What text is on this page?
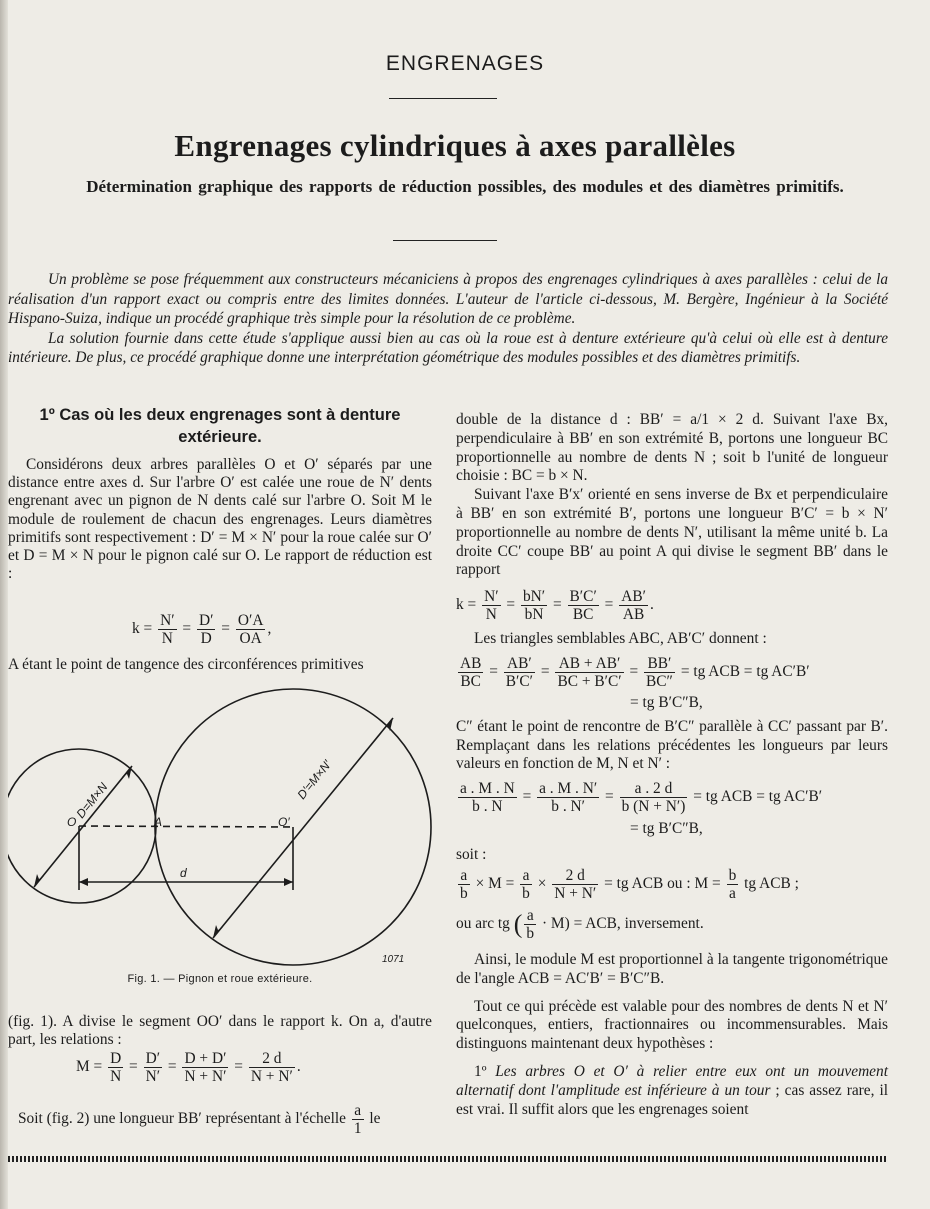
ENGRENAGES
Engrenages cylindriques à axes parallèles
Détermination graphique des rapports de réduction possibles, des modules et des diamètres primitifs.

Un problème se pose fréquemment aux constructeurs mécaniciens à propos des engrenages cylindriques à axes parallèles : celui de la réalisation d'un rapport exact ou compris entre des limites données. L'auteur de l'article ci-dessous, M. Bergère, Ingénieur à la Société Hispano-Suiza, indique un procédé graphique très simple pour la résolution de ce problème.

La solution fournie dans cette étude s'applique aussi bien au cas où la roue est à denture extérieure qu'à celui où elle est à denture intérieure. De plus, ce procédé graphique donne une interprétation géométrique des modules possibles et des diamètres primitifs.

1º Cas où les deux engrenages sont à denture extérieure.

Considérons deux arbres parallèles O et O′ séparés par une distance entre axes d. Sur l'arbre O′ est calée une roue de N′ dents engrenant avec un pignon de N dents calé sur l'arbre O. Soit M le module de roulement de chacun des engrenages. Leurs diamètres primitifs sont respectivement : D′ = M × N′ pour la roue calée sur O′ et D = M × N pour le pignon calé sur O. Le rapport de réduction est :

$k = \frac{N'}{N} = \frac{D'}{D} = \frac{O'A}{OA}$ ,

A étant le point de tangence des circonférences primitives

O	A	O′
d
D=M×N	D′=M×N′
1071
Fig. 1. — Pignon et roue extérieure.

(fig. 1). A divise le segment OO′ dans le rapport k. On a, d'autre part, les relations :

$M = \frac{D}{N} = \frac{D'}{N'} = \frac{D + D'}{N + N'} = \frac{2 d}{N + N'}$ .
Soit (fig. 2) une longueur BB′ représentant à l'échelle $\frac{a}{1}$ le

double de la distance d : BB′ = a/1 × 2 d. Suivant l'axe Bx, perpendiculaire à BB′ en son extrémité B, portons une longueur BC proportionnelle au nombre de dents N ; soit b l'unité de longueur choisie : BC = b × N.

Suivant l'axe B′x′ orienté en sens inverse de Bx et perpendiculaire à BB′ en son extrémité B′, portons une longueur B′C′ = b × N′ proportionnelle au nombre de dents N′, utilisant la même unité b. La droite CC′ coupe BB′ au point A qui divise le segment BB′ dans le rapport

$k = \frac{N'}{N} = \frac{bN'}{bN} = \frac{B'C'}{BC} = \frac{AB'}{AB}$ .

Les triangles semblables ABC, AB′C′ donnent :

$\frac{AB}{BC} = \frac{AB'}{B'C'} = \frac{AB + AB'}{BC + B'C'} = \frac{BB'}{BC''}$ = tg ACB = tg AC′B′
= tg B′C″B,

C″ étant le point de rencontre de B′C″ parallèle à CC′ passant par B′. Remplaçant dans les relations précédentes les longueurs par leurs valeurs en fonction de M, N et N′ :

$\frac{a . M . N}{b . N} = \frac{a . M . N'}{b . N'} = \frac{a . 2 d}{b (N + N')}$ = tg ACB = tg AC′B′
= tg B′C″B,
soit :
$\frac{a}{b} \times M = \frac{a}{b} \times \frac{2 d}{N + N'}$ = tg ACB ou : $M = \frac{b}{a}$ tg ACB ;
ou arc tg ( $\frac{a}{b} \cdot M$) = ACB, inversement.

Ainsi, le module M est proportionnel à la tangente trigonométrique de l'angle ACB = AC′B′ = B′C″B.

Tout ce qui précède est valable pour des nombres de dents N et N′ quelconques, entiers, fractionnaires ou incommensurables. Mais distinguons maintenant deux hypothèses :

1º Les arbres O et O′ à relier entre eux ont un mouvement alternatif dont l'amplitude est inférieure à un tour ; cas assez rare, il est vrai. Il suffit alors que les engrenages soient
